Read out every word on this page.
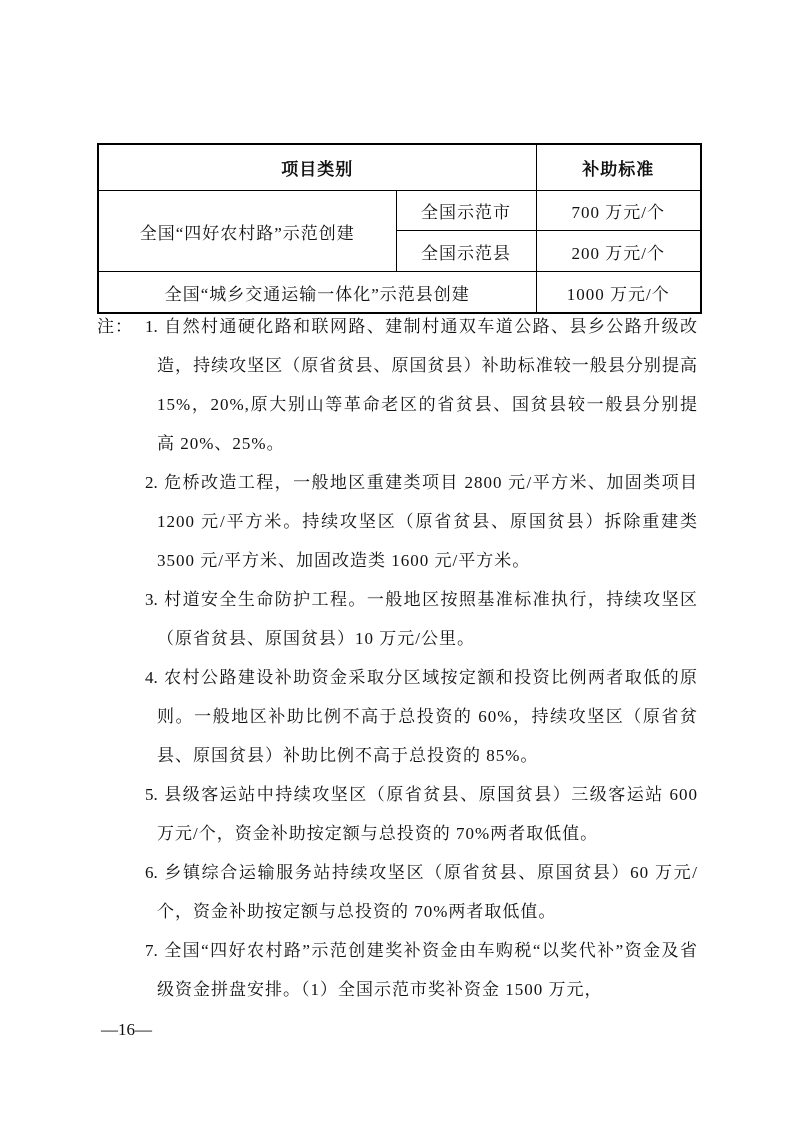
项目类别		补助标准
全国“四好农村路”示范创建	全国示范市	700 万元/个
	全国示范县	200 万元/个
全国“城乡交通运输一体化”示范县创建		1000 万元/个
注： 1. 自然村通硬化路和联网路、建制村通双车道公路、县乡公路升级改造，持续攻坚区（原省贫县、原国贫县）补助标准较一般县分别提高 15%，20%,原大别山等革命老区的省贫县、国贫县较一般县分别提高 20%、25%。
2. 危桥改造工程，一般地区重建类项目 2800 元/平方米、加固类项目 1200 元/平方米。持续攻坚区（原省贫县、原国贫县）拆除重建类 3500 元/平方米、加固改造类 1600 元/平方米。
3. 村道安全生命防护工程。一般地区按照基准标准执行，持续攻坚区（原省贫县、原国贫县）10 万元/公里。
4. 农村公路建设补助资金采取分区域按定额和投资比例两者取低的原则。一般地区补助比例不高于总投资的 60%，持续攻坚区（原省贫县、原国贫县）补助比例不高于总投资的 85%。
5. 县级客运站中持续攻坚区（原省贫县、原国贫县）三级客运站 600 万元/个，资金补助按定额与总投资的 70%两者取低值。
6. 乡镇综合运输服务站持续攻坚区（原省贫县、原国贫县）60 万元/个，资金补助按定额与总投资的 70%两者取低值。
7. 全国“四好农村路”示范创建奖补资金由车购税“以奖代补”资金及省级资金拼盘安排。（1）全国示范市奖补资金 1500 万元，
—16—
